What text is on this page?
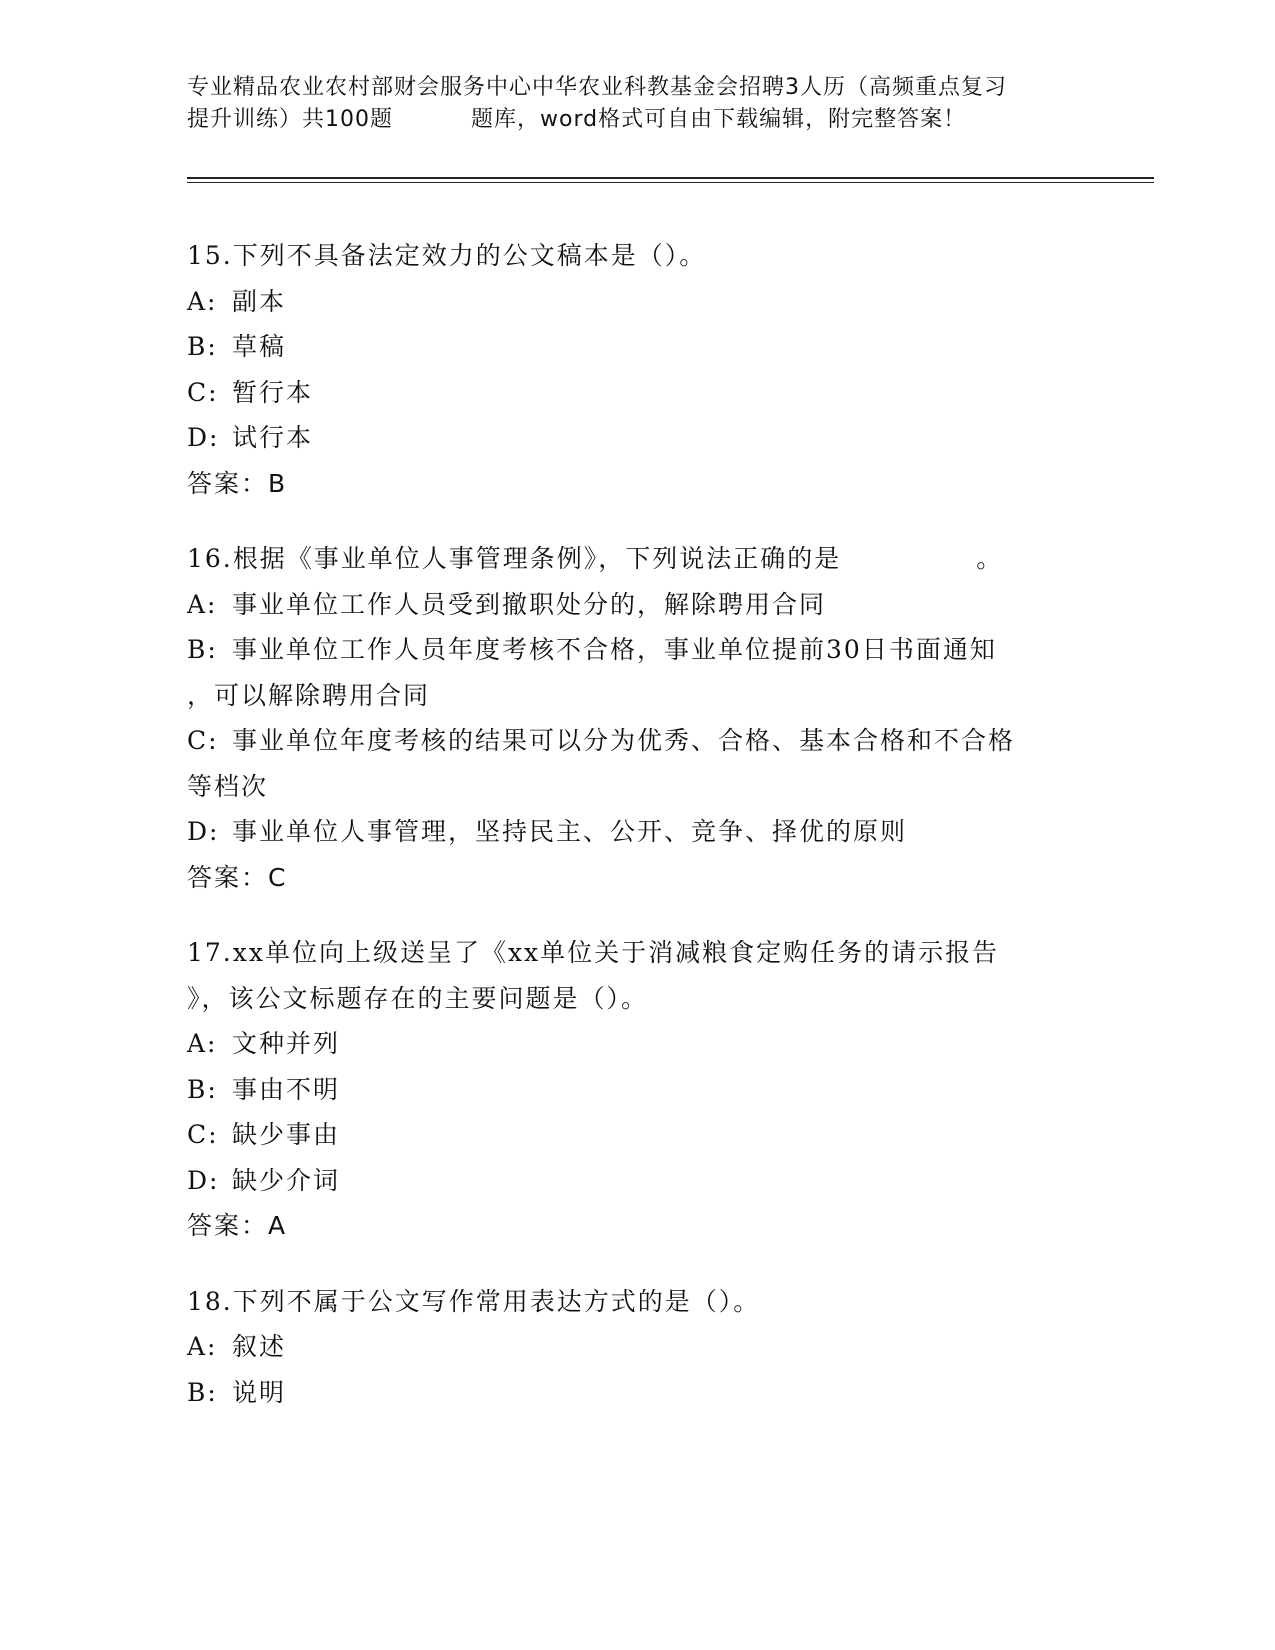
专业精品农业农村部财会服务中心中华农业科教基金会招聘3人历（高频重点复习
提升训练）共100题	题库，word格式可自由下载编辑，附完整答案！
15.下列不具备法定效力的公文稿本是（）。
A: 副本
B: 草稿
C: 暂行本
D: 试行本
答案：B
16.根据《事业单位人事管理条例》，下列说法正确的是　　　　　。
A: 事业单位工作人员受到撤职处分的，解除聘用合同
B: 事业单位工作人员年度考核不合格，事业单位提前30日书面通知
，可以解除聘用合同
C: 事业单位年度考核的结果可以分为优秀、合格、基本合格和不合格
等档次
D: 事业单位人事管理，坚持民主、公开、竞争、择优的原则
答案：C
17.xx单位向上级送呈了《xx单位关于消减粮食定购任务的请示报告
》，该公文标题存在的主要问题是（）。
A: 文种并列
B: 事由不明
C: 缺少事由
D: 缺少介词
答案：A
18.下列不属于公文写作常用表达方式的是（）。
A: 叙述
B: 说明
